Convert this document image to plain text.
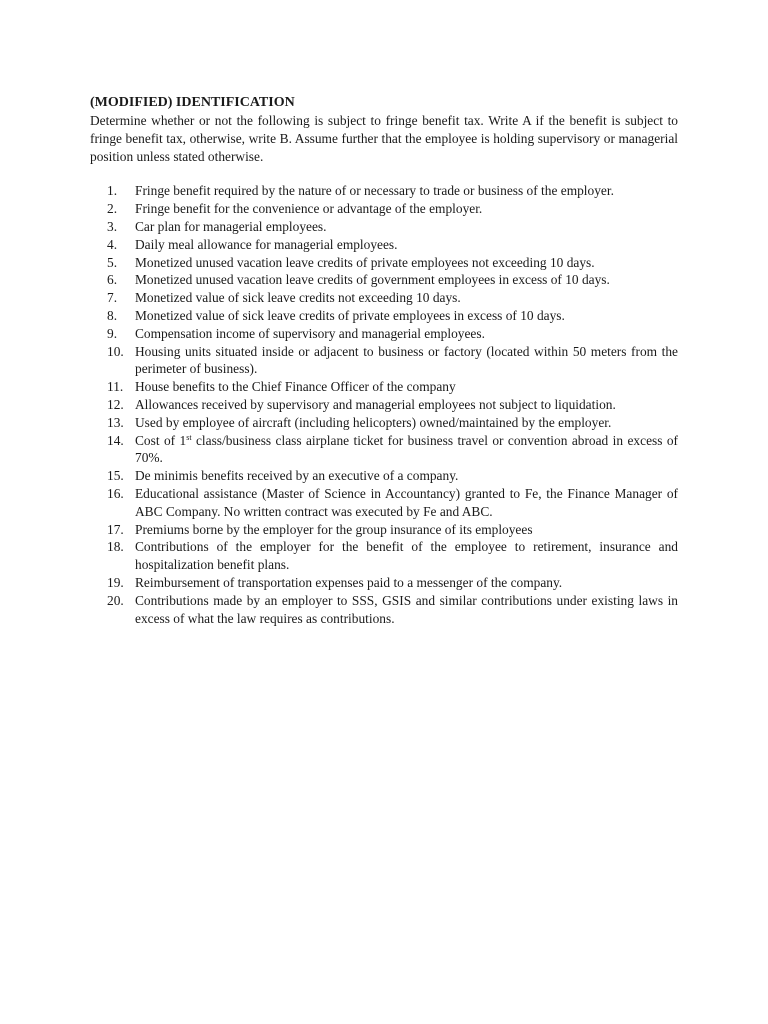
(MODIFIED) IDENTIFICATION

Determine whether or not the following is subject to fringe benefit tax. Write A if the benefit is subject to fringe benefit tax, otherwise, write B. Assume further that the employee is holding supervisory or managerial position unless stated otherwise.

1.	Fringe benefit required by the nature of or necessary to trade or business of the employer.
2.	Fringe benefit for the convenience or advantage of the employer.
3.	Car plan for managerial employees.
4.	Daily meal allowance for managerial employees.
5.	Monetized unused vacation leave credits of private employees not exceeding 10 days.
6.	Monetized unused vacation leave credits of government employees in excess of 10 days.
7.	Monetized value of sick leave credits not exceeding 10 days.
8.	Monetized value of sick leave credits of private employees in excess of 10 days.
9.	Compensation income of supervisory and managerial employees.
10. Housing units situated inside or adjacent to business or factory (located within 50 meters from the perimeter of business).
11. House benefits to the Chief Finance Officer of the company
12. Allowances received by supervisory and managerial employees not subject to liquidation.
13. Used by employee of aircraft (including helicopters) owned/maintained by the employer.
14. Cost of 1st class/business class airplane ticket for business travel or convention abroad in excess of 70%.
15. De minimis benefits received by an executive of a company.
16. Educational assistance (Master of Science in Accountancy) granted to Fe, the Finance Manager of ABC Company. No written contract was executed by Fe and ABC.
17. Premiums borne by the employer for the group insurance of its employees
18. Contributions of the employer for the benefit of the employee to retirement, insurance and hospitalization benefit plans.
19. Reimbursement of transportation expenses paid to a messenger of the company.
20. Contributions made by an employer to SSS, GSIS and similar contributions under existing laws in excess of what the law requires as contributions.
